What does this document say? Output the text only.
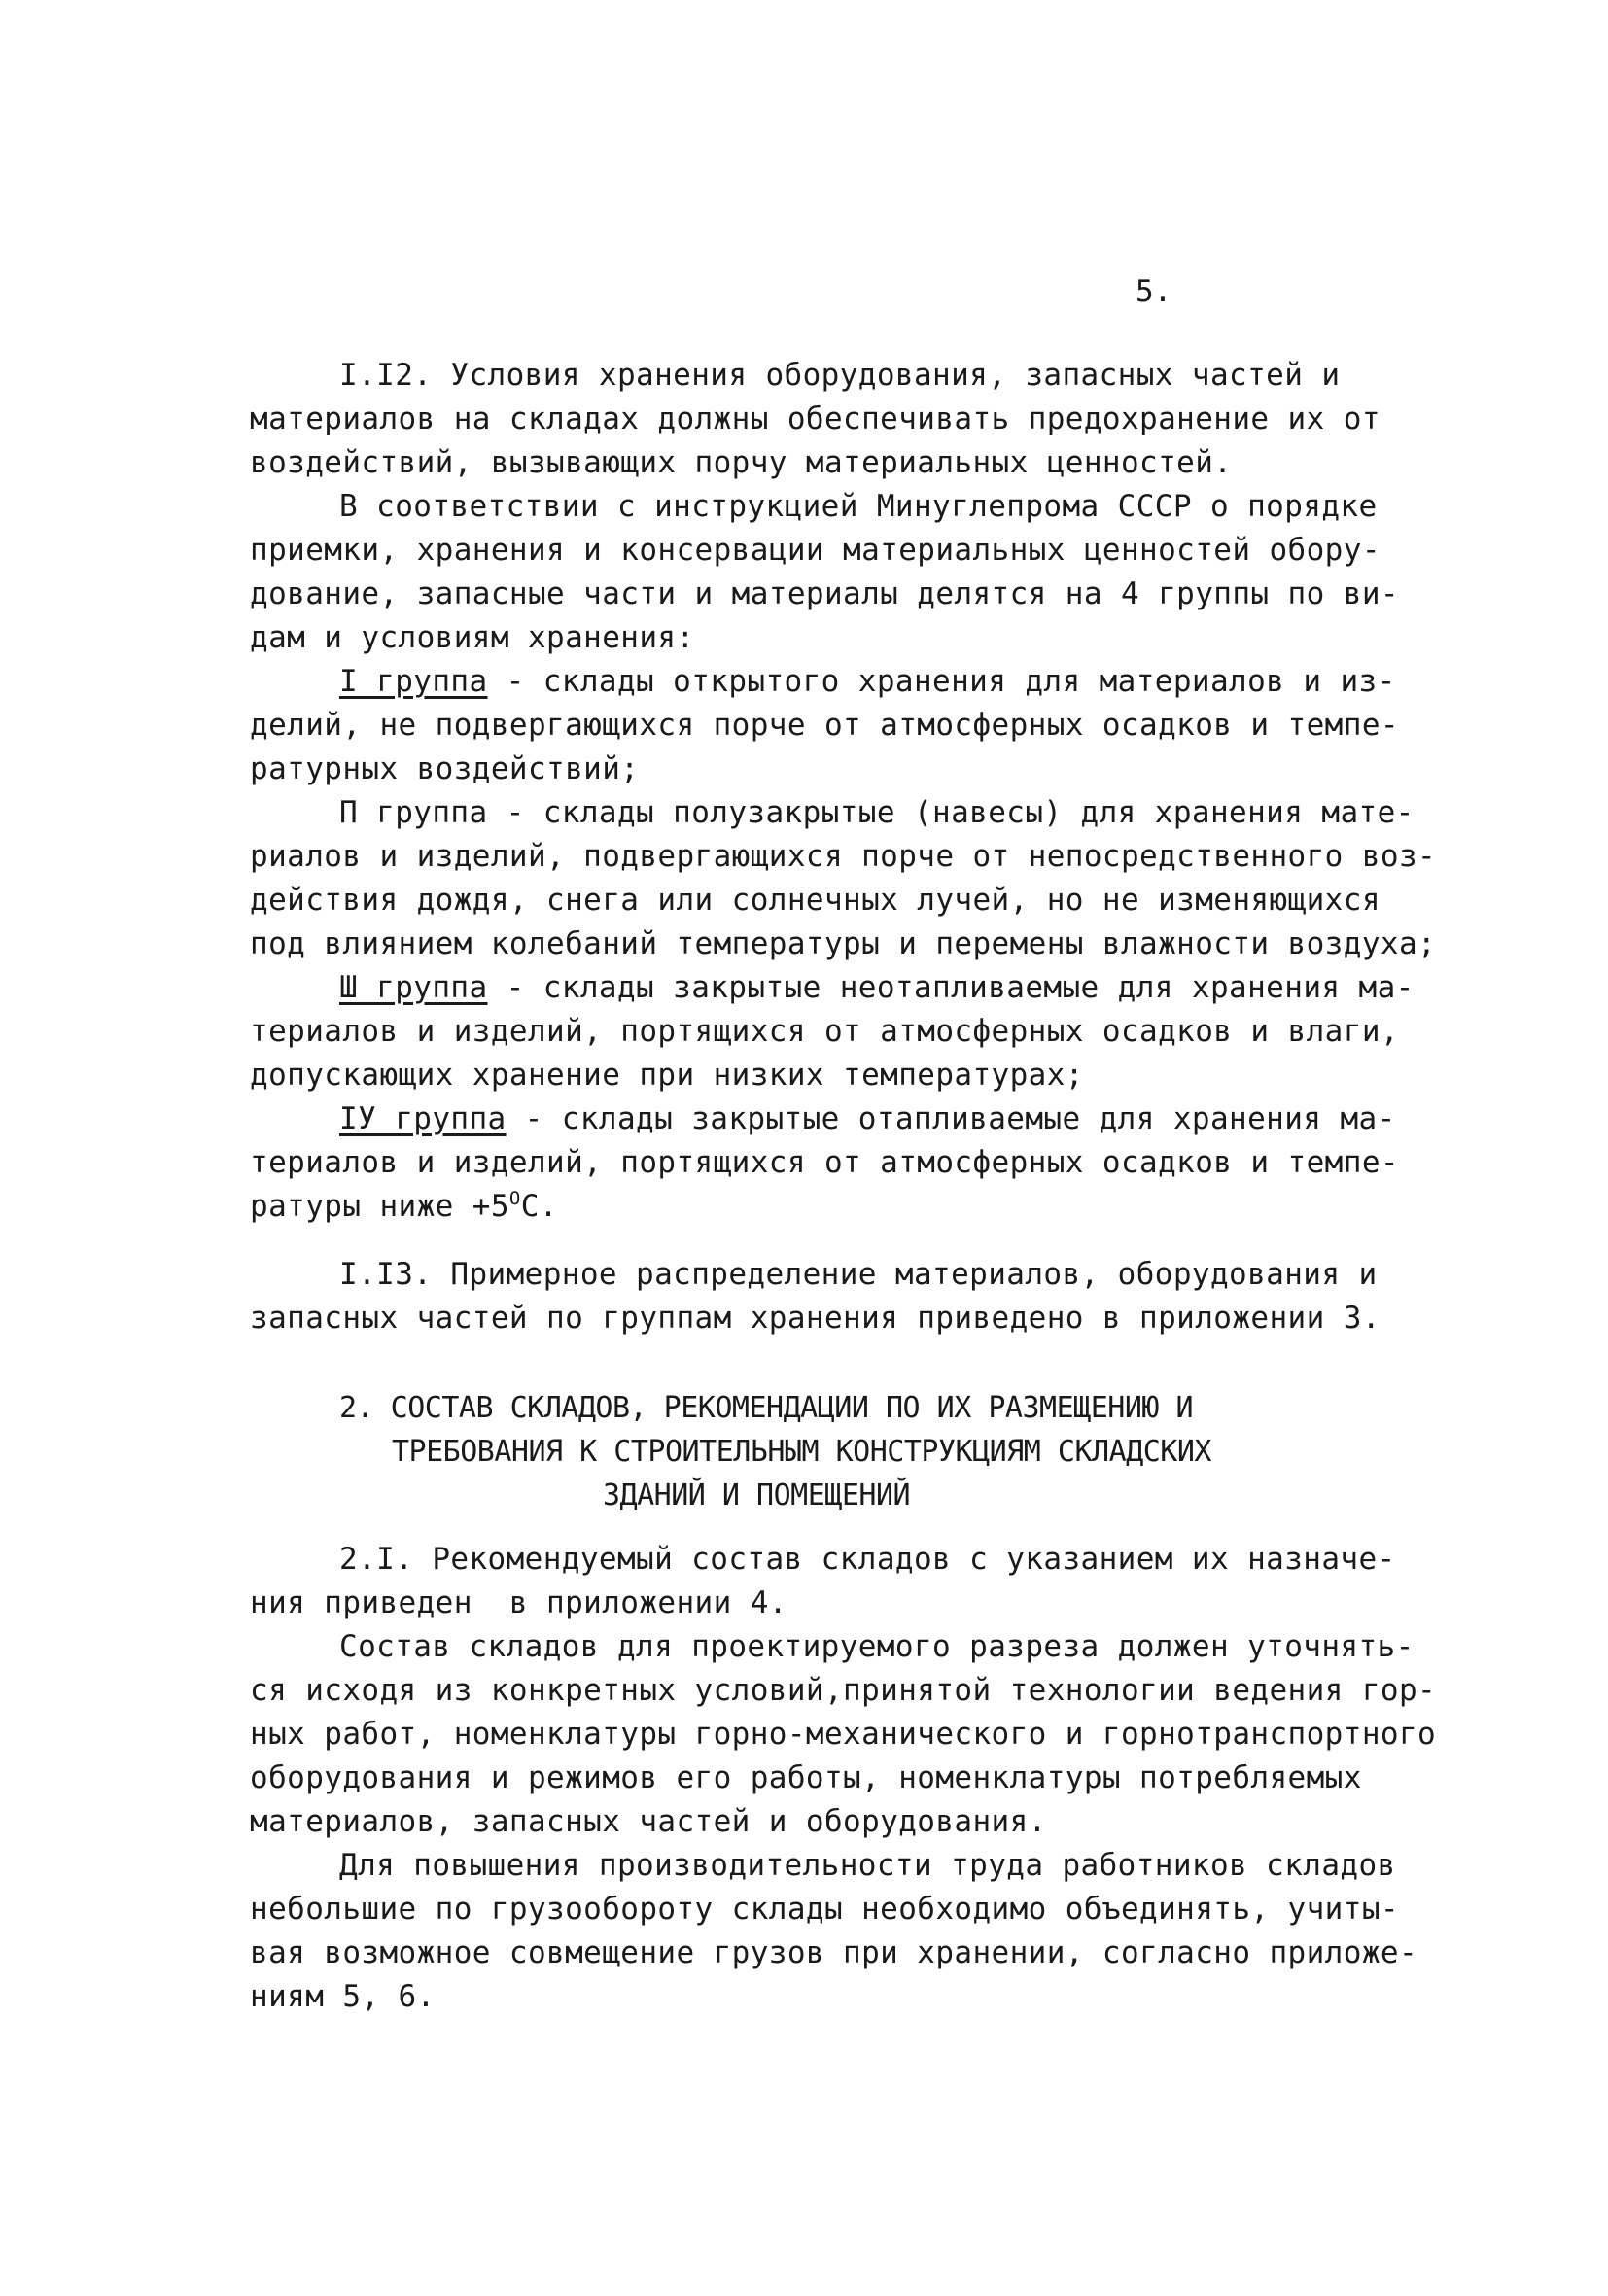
5.
I.I2. Условия хранения оборудования, запасных частей и
материалов на складах должны обеспечивать предохранение их от
воздействий, вызывающих порчу материальных ценностей.
В соответствии с инструкцией Минуглепрома СССР о порядке
приемки, хранения и консервации материальных ценностей оборy-
дование, запасные части и материалы делятся на 4 группы по ви-
дам и условиям хранения:
I группа - склады открытого хранения для материалов и из-
делий, не подвергающихся порче от атмосферных осадков и темпе-
ратурных воздействий;
П группа - склады полузакрытые (навесы) для хранения мате-
риалов и изделий, подвергающихся порче от непосредственного воз-
действия дождя, снега или солнечных лучей, но не изменяющихся
под влиянием колебаний температуры и перемены влажности воздуха;
Ш группа - склады закрытые неотапливаемые для хранения ма-
териалов и изделий, портящихся от атмосферных осадков и влаги,
допускающих хранение при низких температурах;
IУ группа - склады закрытые отапливаемые для хранения ма-
териалов и изделий, портящихся от атмосферных осадков и темпе-
ратуры ниже $+5^OC$.
I.I3. Примерное распределение материалов, оборудования и
запасных частей по группам хранения приведено в приложении 3.
2. СОСТАВ СКЛАДОВ, РЕКОМЕНДАЦИИ ПО ИХ РАЗМЕЩЕНИЮ И
ТРЕБОВАНИЯ К СТРОИТЕЛЬНЫМ КОНСТРУКЦИЯМ СКЛАДСКИХ
ЗДАНИЙ И ПОМЕЩЕНИЙ
2.I. Рекомендуемый состав складов с указанием их назначе-
ния приведен  в приложении 4.
Состав складов для проектируемого разреза должен уточнять-
ся исходя из конкретных условий,принятой технологии ведения гор-
ных работ, номенклатуры горно-механического и горнотранспортного
оборудования и режимов его работы, номенклатуры потребляемых
материалов, запасных частей и оборудования.
Для повышения производительности труда работников складов
небольшие по грузообороту склады необходимо объединять, учиты-
вая возможное совмещение грузов при хранении, согласно приложе-
ниям 5, 6.
